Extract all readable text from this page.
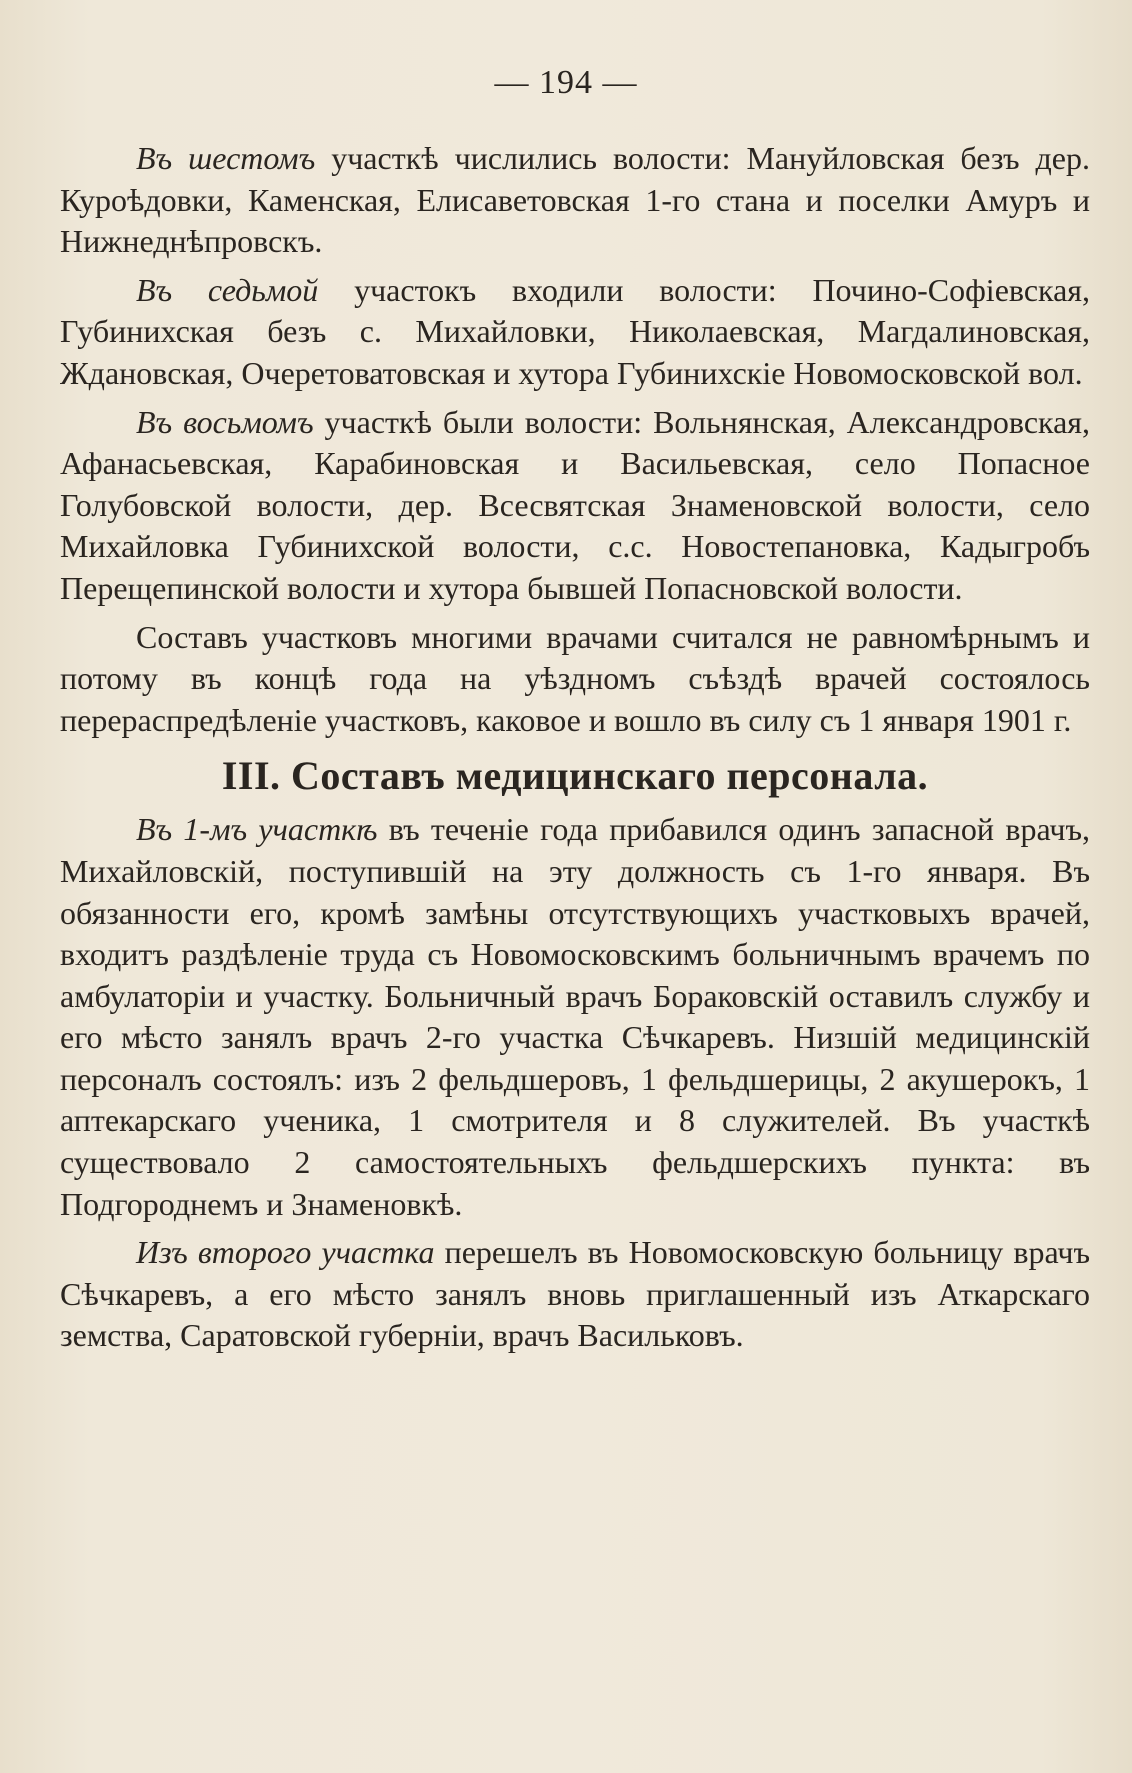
— 194 —

Въ шестомъ участкѣ числились волости: Мануйловская безъ дер. Куроѣдовки, Каменская, Елисаветовская 1-го стана и поселки Амуръ и Нижнеднѣпровскъ.

Въ седьмой участокъ входили волости: Почино-Софіевская, Губинихская безъ с. Михайловки, Николаевская, Магдалиновская, Ждановская, Очеретоватовская и хутора Губинихскіе Новомосковской вол.

Въ восьмомъ участкѣ были волости: Вольнянская, Александровская, Афанасьевская, Карабиновская и Васильевская, село Попасное Голубовской волости, дер. Всесвятская Знаменовской волости, село Михайловка Губинихской волости, с.с. Новостепановка, Кадыгробъ Перещепинской волости и хутора бывшей Попасновской волости.

Составъ участковъ многими врачами считался не равномѣрнымъ и потому въ концѣ года на уѣздномъ съѣздѣ врачей состоялось перераспредѣленіе участковъ, каковое и вошло въ силу съ 1 января 1901 г.

III. Составъ медицинскаго персонала.

Въ 1-мъ участкѣ въ теченіе года прибавился одинъ запасной врачъ, Михайловскій, поступившій на эту должность съ 1-го января. Въ обязанности его, кромѣ замѣны отсутствующихъ участковыхъ врачей, входитъ раздѣленіе труда съ Новомосковскимъ больничнымъ врачемъ по амбулаторіи и участку. Больничный врачъ Бораковскій оставилъ службу и его мѣсто занялъ врачъ 2-го участка Сѣчкаревъ. Низшій медицинскій персоналъ состоялъ: изъ 2 фельдшеровъ, 1 фельдшерицы, 2 акушерокъ, 1 аптекарскаго ученика, 1 смотрителя и 8 служителей. Въ участкѣ существовало 2 самостоятельныхъ фельдшерскихъ пункта: въ Подгороднемъ и Знаменовкѣ.

Изъ второго участка перешелъ въ Новомосковскую больницу врачъ Сѣчкаревъ, а его мѣсто занялъ вновь приглашенный изъ Аткарскаго земства, Саратовской губерніи, врачъ Васильковъ.
